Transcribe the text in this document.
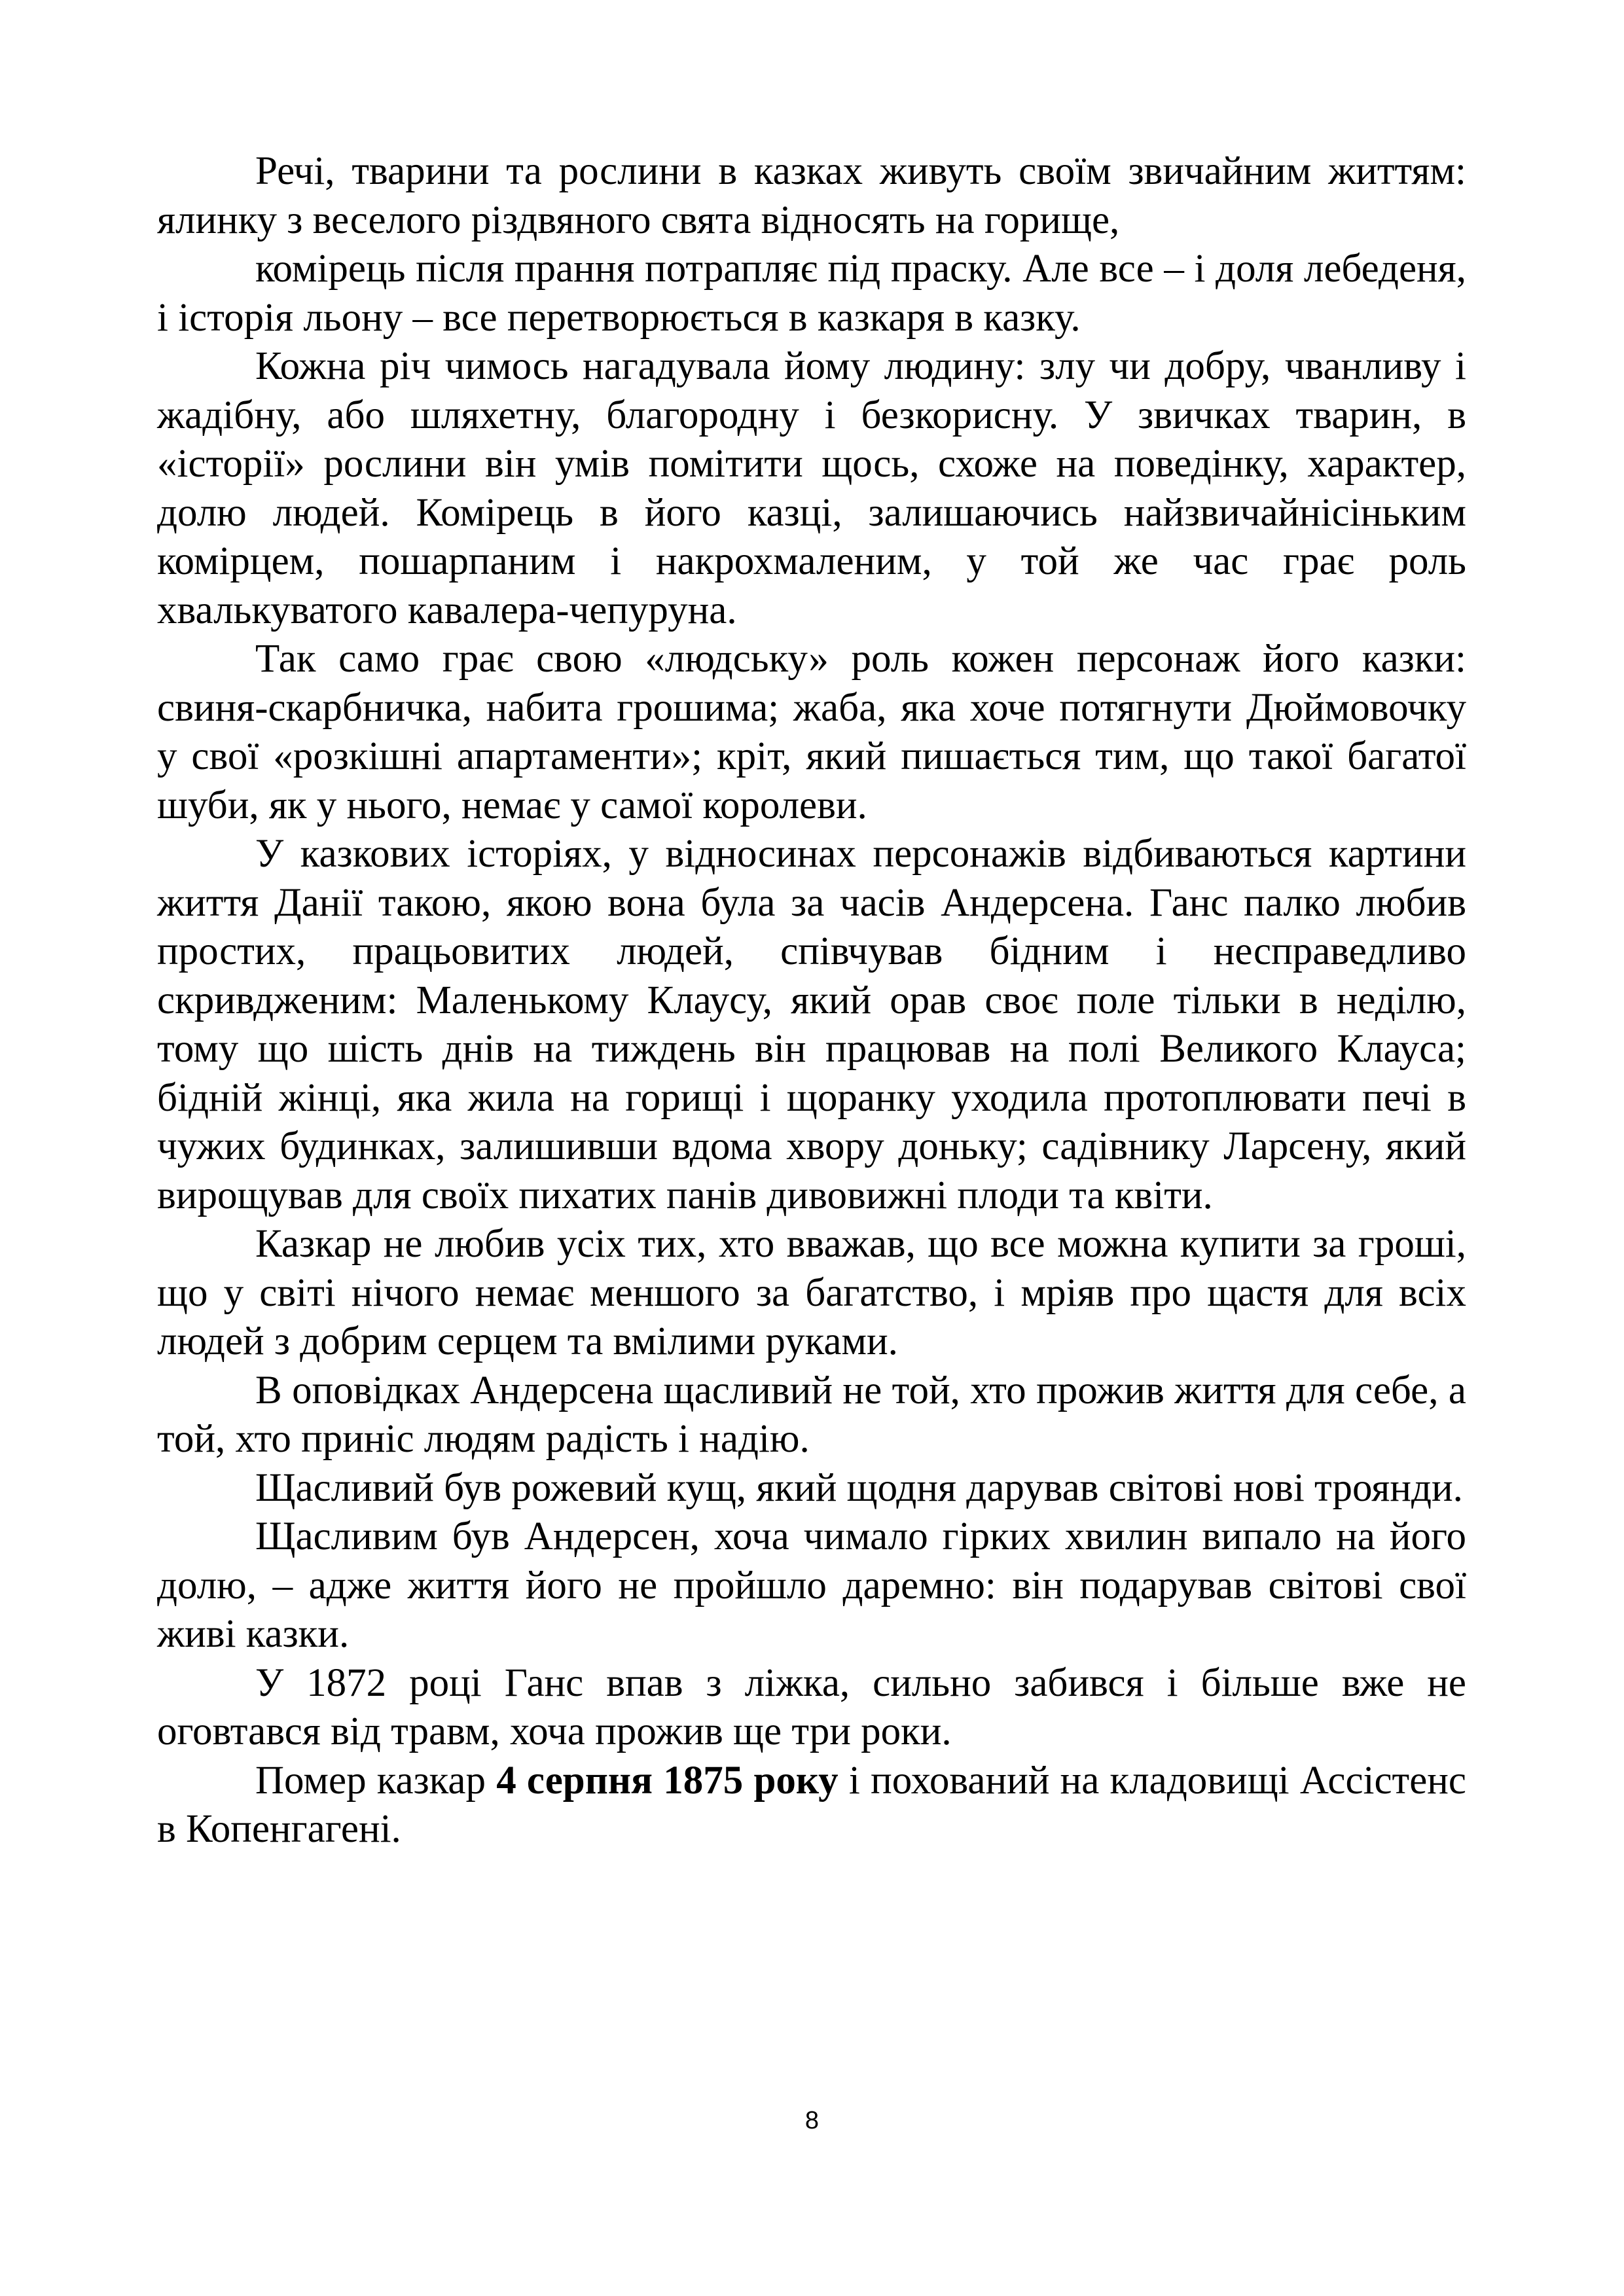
Речі, тварини та рослини в казках живуть своїм звичайним життям: ялинку з веселого різдвяного свята відносять на горище,

комірець після прання потрапляє під праску. Але все – і доля лебеденя, і історія льону – все перетворюється в казкаря в казку.

Кожна річ чимось нагадувала йому людину: злу чи добру, чванливу і жадібну, або шляхетну, благородну і безкорисну. У звичках тварин, в «історії» рослини він умів помітити щось, схоже на поведінку, характер, долю людей. Комірець в його казці, залишаючись найзвичайнісіньким комірцем, пошарпаним і накрохмаленим, у той же час грає роль хвалькуватого кавалера-чепуруна.

Так само грає свою «людську» роль кожен персонаж його казки: свиня-скарбничка, набита грошима; жаба, яка хоче потягнути Дюймовочку у свої «розкішні апартаменти»; кріт, який пишається тим, що такої багатої шуби, як у нього, немає у самої королеви.

У казкових історіях, у відносинах персонажів відбиваються картини життя Данії такою, якою вона була за часів Андерсена. Ганс палко любив простих, працьовитих людей, співчував бідним і несправедливо скривдженим: Маленькому Клаусу, який орав своє поле тільки в неділю, тому що шість днів на тиждень він працював на полі Великого Клауса; бідній жінці, яка жила на горищі і щоранку уходила протоплювати печі в чужих будинках, залишивши вдома хвору доньку; садівнику Ларсену, який вирощував для своїх пихатих панів дивовижні плоди та квіти.

Казкар не любив усіх тих, хто вважав, що все можна купити за гроші, що у світі нічого немає меншого за багатство, і мріяв про щастя для всіх людей з добрим серцем та вмілими руками.

В оповідках Андерсена щасливий не той, хто прожив життя для себе, а той, хто приніс людям радість і надію.

Щасливий був рожевий кущ, який щодня дарував світові нові троянди.

Щасливим був Андерсен, хоча чимало гірких хвилин випало на його долю, – адже життя його не пройшло даремно: він подарував світові свої живі казки.

У 1872 році Ганс впав з ліжка, сильно забився і більше вже не оговтався від травм, хоча прожив ще три роки.

Помер казкар 4 серпня 1875 року і похований на кладовищі Ассістенс в Копенгагені.

8
